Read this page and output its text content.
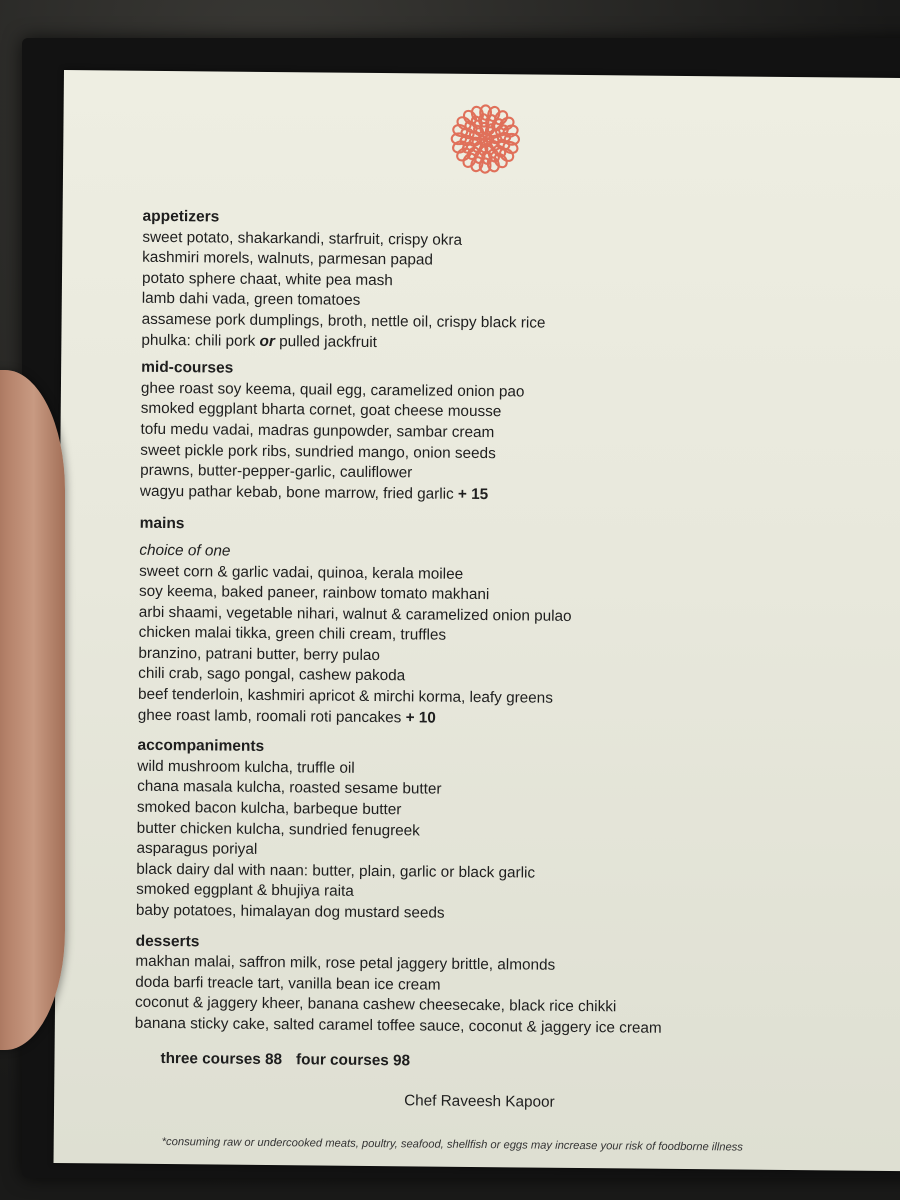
appetizers
sweet potato, shakarkandi, starfruit, crispy okra
kashmiri morels, walnuts, parmesan papad
potato sphere chaat, white pea mash
lamb dahi vada, green tomatoes
assamese pork dumplings, broth, nettle oil, crispy black rice
phulka: chili pork or pulled jackfruit
mid-courses
ghee roast soy keema, quail egg, caramelized onion pao
smoked eggplant bharta cornet, goat cheese mousse
tofu medu vadai, madras gunpowder, sambar cream
sweet pickle pork ribs, sundried mango, onion seeds
prawns, butter-pepper-garlic, cauliflower
wagyu pathar kebab, bone marrow, fried garlic + 15
mains
choice of one
sweet corn & garlic vadai, quinoa, kerala moilee
soy keema, baked paneer, rainbow tomato makhani
arbi shaami, vegetable nihari, walnut & caramelized onion pulao
chicken malai tikka, green chili cream, truffles
branzino, patrani butter, berry pulao
chili crab, sago pongal, cashew pakoda
beef tenderloin, kashmiri apricot & mirchi korma, leafy greens
ghee roast lamb, roomali roti pancakes + 10
accompaniments
wild mushroom kulcha, truffle oil
chana masala kulcha, roasted sesame butter
smoked bacon kulcha, barbeque butter
butter chicken kulcha, sundried fenugreek
asparagus poriyal
black dairy dal with naan: butter, plain, garlic or black garlic
smoked eggplant & bhujiya raita
baby potatoes, himalayan dog mustard seeds
desserts
makhan malai, saffron milk, rose petal jaggery brittle, almonds
doda barfi treacle tart, vanilla bean ice cream
coconut & jaggery kheer, banana cashew cheesecake, black rice chikki
banana sticky cake, salted caramel toffee sauce, coconut & jaggery ice cream
three courses 88 four courses 98
Chef Raveesh Kapoor
*consuming raw or undercooked meats, poultry, seafood, shellfish or eggs may increase your risk of foodborne illness
